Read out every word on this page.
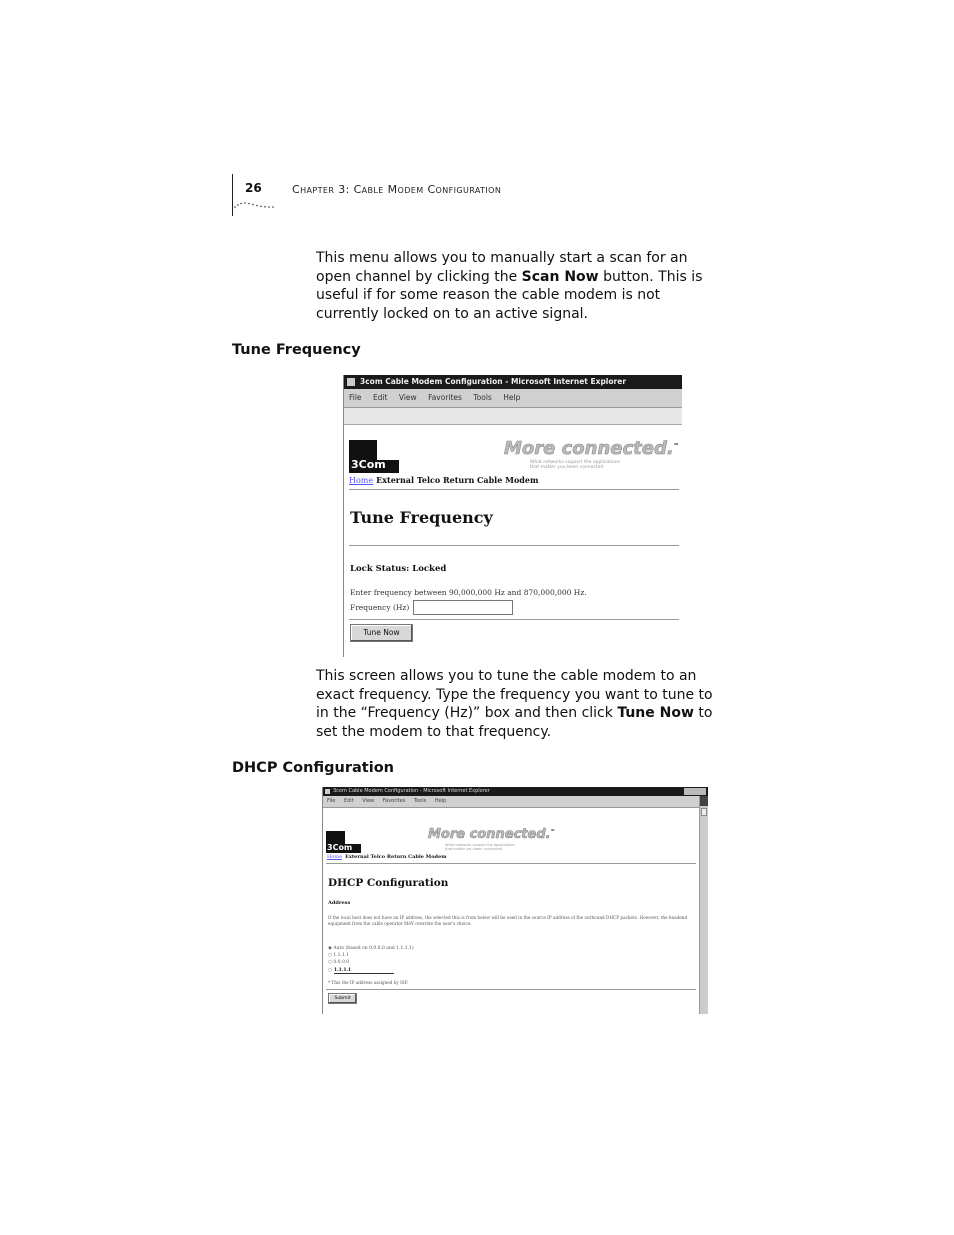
26	Chapter 3: Cable Modem Configuration
This menu allows you to manually start a scan for an open channel by clicking the Scan Now button. This is useful if for some reason the cable modem is not currently locked on to an active signal.
Tune Frequency
3com Cable Modem Configuration - Microsoft Internet Explorer
File Edit View Favorites Tools Help
3Com
More connected.™
What networks support the applications that matter you been connected
Home External Telco Return Cable Modem
Tune Frequency
Lock Status: Locked
Enter frequency between 90,000,000 Hz and 870,000,000 Hz.
Frequency (Hz)
Tune Now
This screen allows you to tune the cable modem to an exact frequency. Type the frequency you want to tune to in the “Frequency (Hz)” box and then click Tune Now to set the modem to that frequency.
DHCP Configuration
3com Cable Modem Configuration - Microsoft Internet Explorer
File Edit View Favorites Tools Help
3Com
More connected.™
What networks support the applications that matter you been connected
Home External Telco Return Cable Modem
DHCP Configuration
Address
If the local host does not have an IP address, the selected this is from below will be used in the source IP address of the outbound DHCP packets. However, the headend equipment from the cable operator MAY override the user's choice.
◉ Auto (based on 0.0.0.0 and 1.1.1.1)
○ 1.1.1.1
○ 0.0.0.0
○ 1.1.1.1
* This the IP address assigned by ISP.
Submit
